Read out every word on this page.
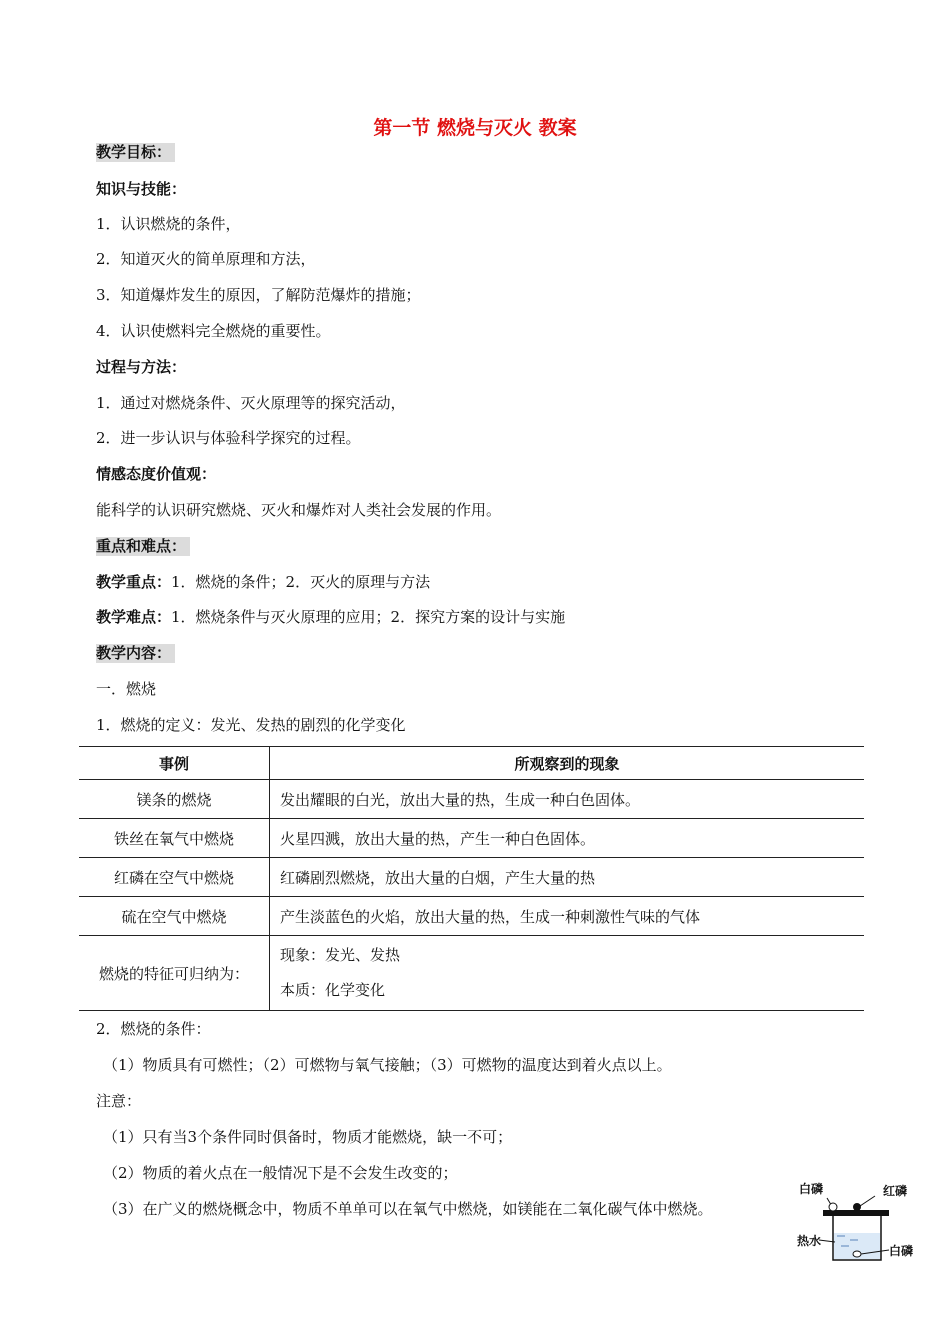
第一节 燃烧与灭火 教案
教学目标：
知识与技能：
1．认识燃烧的条件，
2．知道灭火的简单原理和方法，
3．知道爆炸发生的原因，了解防范爆炸的措施；
4．认识使燃料完全燃烧的重要性。
过程与方法：
1．通过对燃烧条件、灭火原理等的探究活动，
2．进一步认识与体验科学探究的过程。
情感态度价值观：
能科学的认识研究燃烧、灭火和爆炸对人类社会发展的作用。
重点和难点：
教学重点：1．燃烧的条件；2．灭火的原理与方法
教学难点：1．燃烧条件与灭火原理的应用；2．探究方案的设计与实施
教学内容：
一．燃烧
1．燃烧的定义：发光、发热的剧烈的化学变化
事例	所观察到的现象
镁条的燃烧	发出耀眼的白光，放出大量的热，生成一种白色固体。
铁丝在氧气中燃烧	火星四溅，放出大量的热，产生一种白色固体。
红磷在空气中燃烧	红磷剧烈燃烧，放出大量的白烟，产生大量的热
硫在空气中燃烧	产生淡蓝色的火焰，放出大量的热，生成一种刺激性气味的气体
燃烧的特征可归纳为：	现象：发光、发热
本质：化学变化
2．燃烧的条件：
（1）物质具有可燃性；（2）可燃物与氧气接触；（3）可燃物的温度达到着火点以上。
注意：
（1）只有当3个条件同时俱备时，物质才能燃烧，缺一不可；
（2）物质的着火点在一般情况下是不会发生改变的；
（3）在广义的燃烧概念中，物质不单单可以在氧气中燃烧，如镁能在二氧化碳气体中燃烧。
白磷	红磷
热水
白磷
